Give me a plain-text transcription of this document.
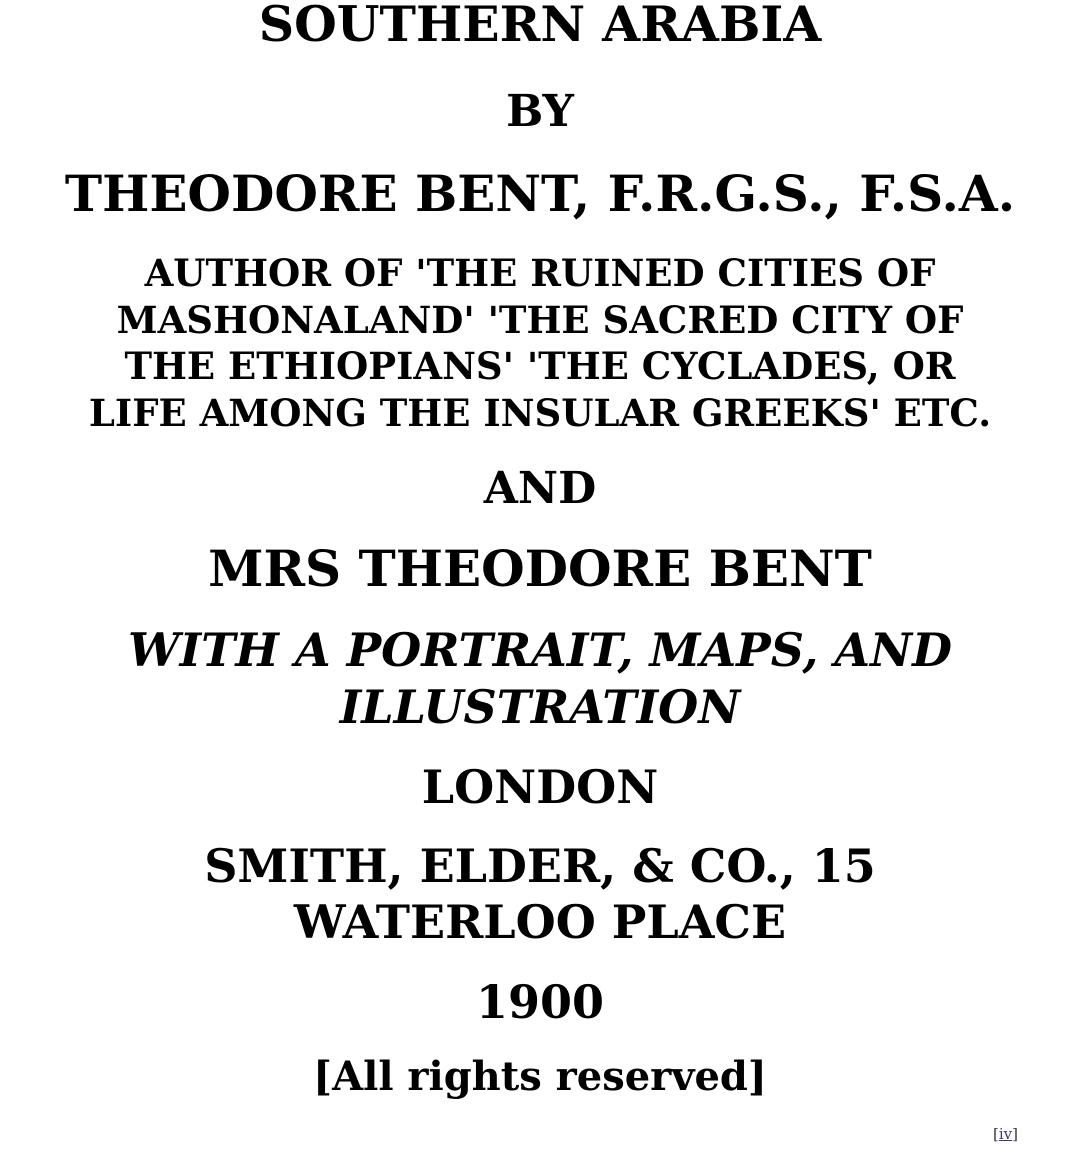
SOUTHERN ARABIA
BY
THEODORE BENT, F.R.G.S., F.S.A.
AUTHOR OF 'THE RUINED CITIES OF
MASHONALAND' 'THE SACRED CITY OF
THE ETHIOPIANS' 'THE CYCLADES, OR
LIFE AMONG THE INSULAR GREEKS' ETC.
AND
MRS THEODORE BENT
WITH A PORTRAIT, MAPS, AND
ILLUSTRATION
LONDON
SMITH, ELDER, & CO., 15
WATERLOO PLACE
1900
[All rights reserved]
[iv]
